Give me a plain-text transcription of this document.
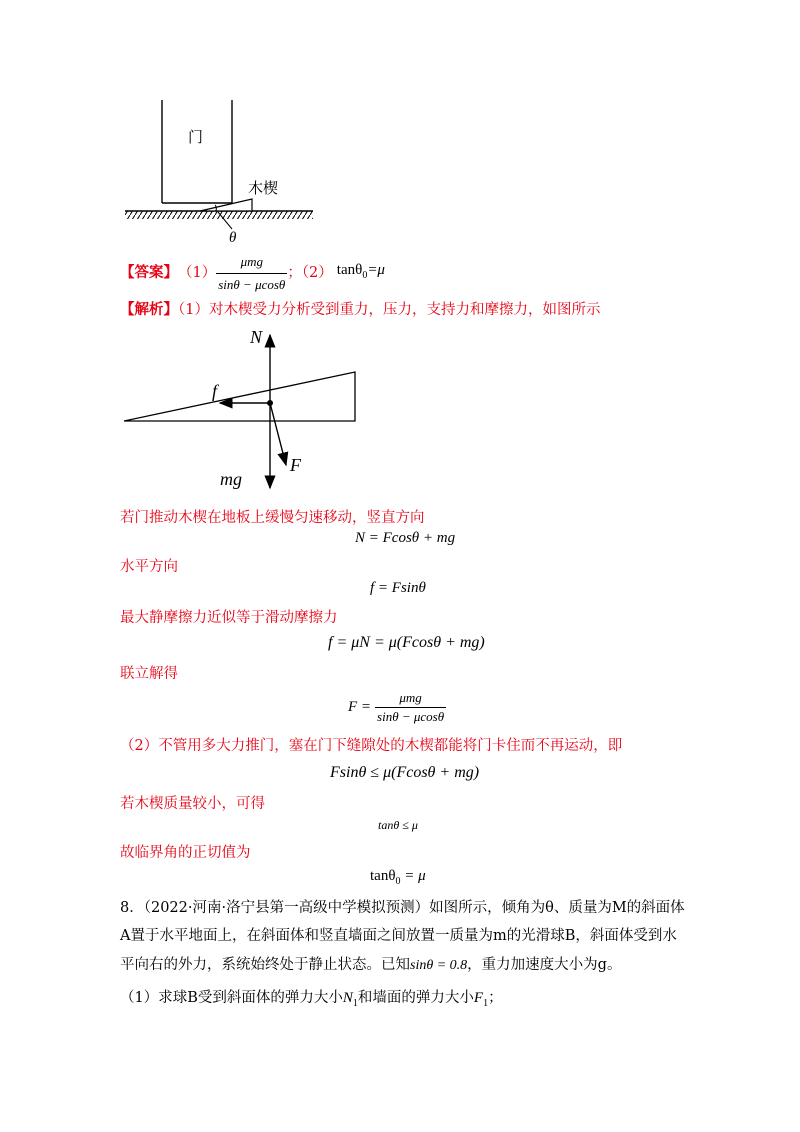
门
木楔
θ
【答案】 $(1) \frac{\text{μmg}}{\sin\theta - \mu\cos\theta}$ ；（2） tanθ$_0$=μ
【解析】（1）对木楔受力分析受到重力，压力，支持力和摩擦力，如图所示
N
f
mg
F
若门推动木楔在地板上缓慢匀速移动，竖直方向
N = Fcosθ + mg
水平方向
f = Fsinθ
最大静摩擦力近似等于滑动摩擦力
f = μN = μ(Fcosθ + mg)
联立解得
$F = \frac{\text{μmg}}{\sin\theta - \mu\cos\theta}$
（2）不管用多大力推门，塞在门下缝隙处的木楔都能将门卡住而不再运动，即
Fsinθ ≤ μ(Fcosθ + mg)
若木楔质量较小，可得
tanθ ≤ μ
故临界角的正切值为
tanθ$_0$ = μ
8．（2022·河南·洛宁县第一高级中学模拟预测）如图所示，倾角为θ、质量为M的斜面体
A置于水平地面上，在斜面体和竖直墙面之间放置一质量为m的光滑球B，斜面体受到水
平向右的外力，系统始终处于静止状态。已知sinθ = 0.8，重力加速度大小为g。
（1）求球B受到斜面体的弹力大小$N_1$和墙面的弹力大小$F_1$；
